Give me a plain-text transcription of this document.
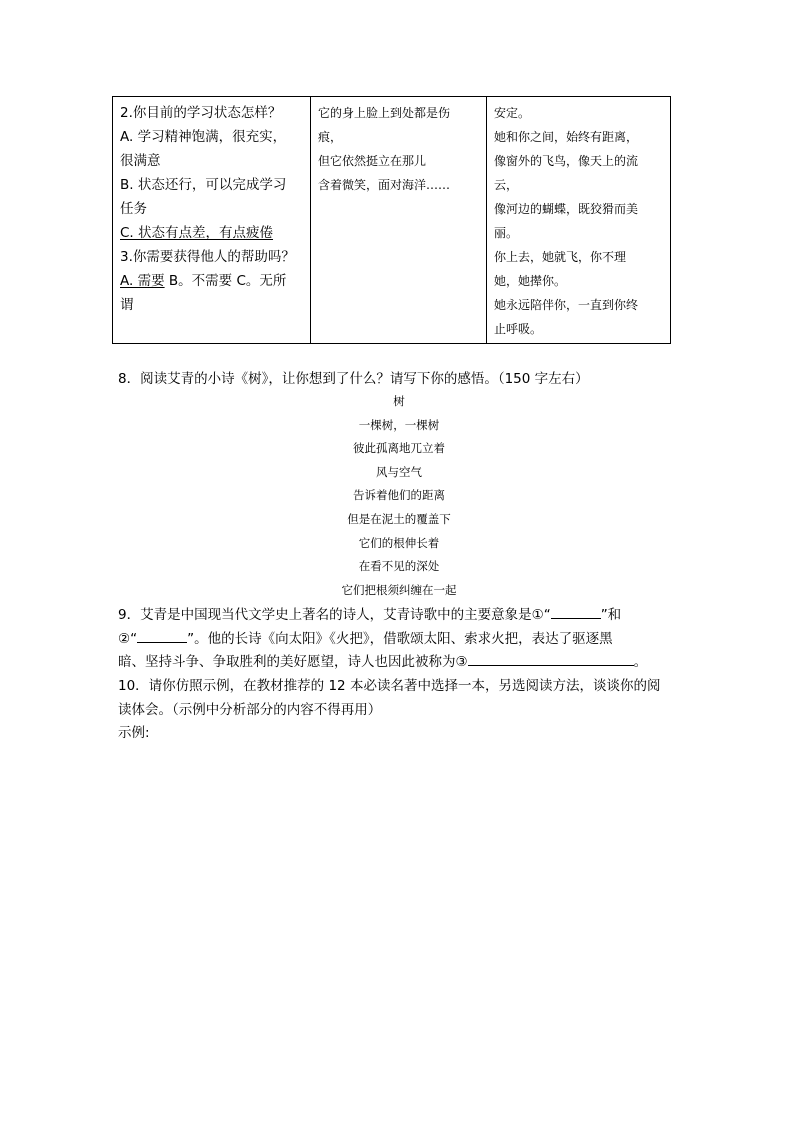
2.你目前的学习状态怎样？
A. 学习精神饱满，很充实，
很满意
B. 状态还行，可以完成学习
任务
C. 状态有点差，有点疲倦
3.你需要获得他人的帮助吗？
A. 需要 B。不需要 C。无所
谓

它的身上脸上到处都是伤
痕，
但它依然挺立在那儿
含着微笑，面对海洋……

安定。
她和你之间，始终有距离，
像窗外的飞鸟，像天上的流
云，
像河边的蝴蝶，既狡猾而美
丽。
你上去，她就飞，你不理
她，她撵你。
她永远陪伴你，一直到你终
止呼吸。
8．阅读艾青的小诗《树》，让你想到了什么？请写下你的感悟。（150 字左右）
树
一棵树，一棵树
彼此孤离地兀立着
风与空气
告诉着他们的距离
但是在泥土的覆盖下
它们的根伸长着
在看不见的深处
它们把根须纠缠在一起
9．艾青是中国现当代文学史上著名的诗人，艾青诗歌中的主要意象是①“	”和
②“	”。他的长诗《向太阳》《火把》，借歌颂太阳、索求火把，表达了驱逐黑
暗、坚持斗争、争取胜利的美好愿望，诗人也因此被称为③	。
10．请你仿照示例，在教材推荐的 12 本必读名著中选择一本，另选阅读方法，谈谈你的阅
读体会。（示例中分析部分的内容不得再用）
示例:
